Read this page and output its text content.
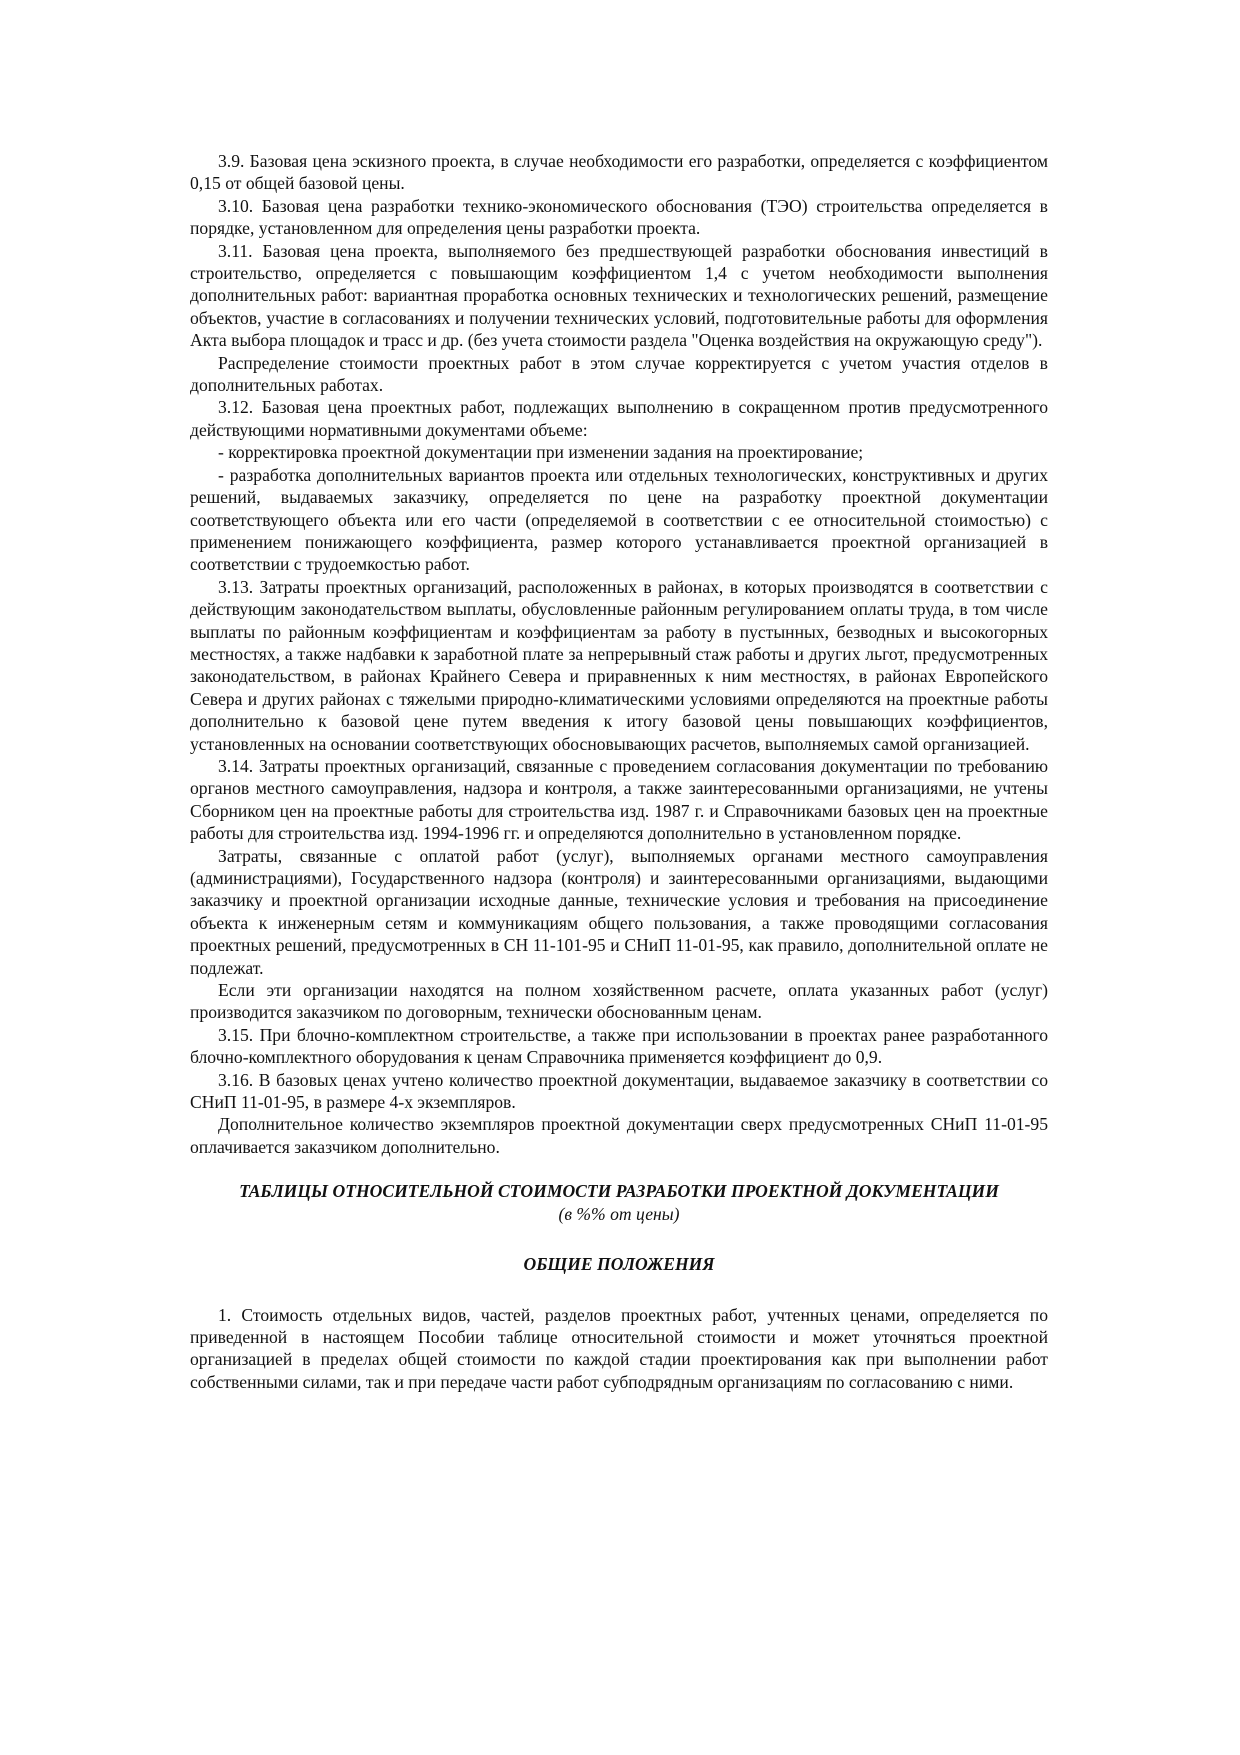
3.9. Базовая цена эскизного проекта, в случае необходимости его разработки, определяется с коэффициентом 0,15 от общей базовой цены.

3.10. Базовая цена разработки технико-экономического обоснования (ТЭО) строительства определяется в порядке, установленном для определения цены разработки проекта.

3.11. Базовая цена проекта, выполняемого без предшествующей разработки обоснования инвестиций в строительство, определяется с повышающим коэффициентом 1,4 с учетом необходимости выполнения дополнительных работ: вариантная проработка основных технических и технологических решений, размещение объектов, участие в согласованиях и получении технических условий, подготовительные работы для оформления Акта выбора площадок и трасс и др. (без учета стоимости раздела "Оценка воздействия на окружающую среду").

Распределение стоимости проектных работ в этом случае корректируется с учетом участия отделов в дополнительных работах.

3.12. Базовая цена проектных работ, подлежащих выполнению в сокращенном против предусмотренного действующими нормативными документами объеме:

- корректировка проектной документации при изменении задания на проектирование;

- разработка дополнительных вариантов проекта или отдельных технологических, конструктивных и других решений, выдаваемых заказчику, определяется по цене на разработку проектной документации соответствующего объекта или его части (определяемой в соответствии с ее относительной стоимостью) с применением понижающего коэффициента, размер которого устанавливается проектной организацией в соответствии с трудоемкостью работ.

3.13. Затраты проектных организаций, расположенных в районах, в которых производятся в соответствии с действующим законодательством выплаты, обусловленные районным регулированием оплаты труда, в том числе выплаты по районным коэффициентам и коэффициентам за работу в пустынных, безводных и высокогорных местностях, а также надбавки к заработной плате за непрерывный стаж работы и других льгот, предусмотренных законодательством, в районах Крайнего Севера и приравненных к ним местностях, в районах Европейского Севера и других районах с тяжелыми природно-климатическими условиями определяются на проектные работы дополнительно к базовой цене путем введения к итогу базовой цены повышающих коэффициентов, установленных на основании соответствующих обосновывающих расчетов, выполняемых самой организацией.

3.14. Затраты проектных организаций, связанные с проведением согласования документации по требованию органов местного самоуправления, надзора и контроля, а также заинтересованными организациями, не учтены Сборником цен на проектные работы для строительства изд. 1987 г. и Справочниками базовых цен на проектные работы для строительства изд. 1994-1996 гг. и определяются дополнительно в установленном порядке.

Затраты, связанные с оплатой работ (услуг), выполняемых органами местного самоуправления (администрациями), Государственного надзора (контроля) и заинтересованными организациями, выдающими заказчику и проектной организации исходные данные, технические условия и требования на присоединение объекта к инженерным сетям и коммуникациям общего пользования, а также проводящими согласования проектных решений, предусмотренных в СН 11-101-95 и СНиП 11-01-95, как правило, дополнительной оплате не подлежат.

Если эти организации находятся на полном хозяйственном расчете, оплата указанных работ (услуг) производится заказчиком по договорным, технически обоснованным ценам.

3.15. При блочно-комплектном строительстве, а также при использовании в проектах ранее разработанного блочно-комплектного оборудования к ценам Справочника применяется коэффициент до 0,9.

3.16. В базовых ценах учтено количество проектной документации, выдаваемое заказчику в соответствии со СНиП 11-01-95, в размере 4-х экземпляров.

Дополнительное количество экземпляров проектной документации сверх предусмотренных СНиП 11-01-95 оплачивается заказчиком дополнительно.

ТАБЛИЦЫ ОТНОСИТЕЛЬНОЙ СТОИМОСТИ РАЗРАБОТКИ ПРОЕКТНОЙ ДОКУМЕНТАЦИИ

(в %% от цены)

ОБЩИЕ ПОЛОЖЕНИЯ

1. Стоимость отдельных видов, частей, разделов проектных работ, учтенных ценами, определяется по приведенной в настоящем Пособии таблице относительной стоимости и может уточняться проектной организацией в пределах общей стоимости по каждой стадии проектирования как при выполнении работ собственными силами, так и при передаче части работ субподрядным организациям по согласованию с ними.
